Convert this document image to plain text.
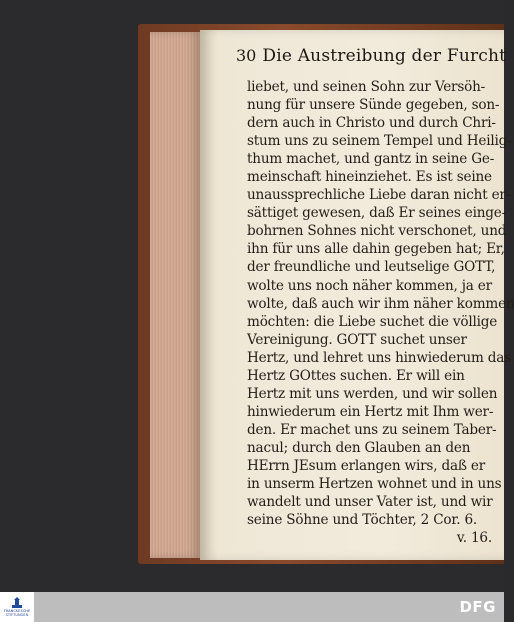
30 Die Austreibung der Furcht
liebet, und seinen Sohn zur Versöh-
nung für unsere Sünde gegeben, son-
dern auch in Christo und durch Chri-
stum uns zu seinem Tempel und Heilig-
thum machet, und gantz in seine Ge-
meinschaft hineinziehet. Es ist seine
unaussprechliche Liebe daran nicht er-
sättiget gewesen, daß Er seines einge-
bohrnen Sohnes nicht verschonet, und
ihn für uns alle dahin gegeben hat; Er,
der freundliche und leutselige GOTT,
wolte uns noch näher kommen, ja er
wolte, daß auch wir ihm näher kommen
möchten: die Liebe suchet die völlige
Vereinigung. GOTT suchet unser
Hertz, und lehret uns hinwiederum das
Hertz GOttes suchen. Er will ein
Hertz mit uns werden, und wir sollen
hinwiederum ein Hertz mit Ihm wer-
den. Er machet uns zu seinem Taber-
nacul; durch den Glauben an den
HErrn JEsum erlangen wirs, daß er
in unserm Hertzen wohnet und in uns
wandelt und unser Vater ist, und wir
seine Söhne und Töchter, 2 Cor. 6.
v. 16.
FRANCKESCHE
STIFTUNGEN	DFG
